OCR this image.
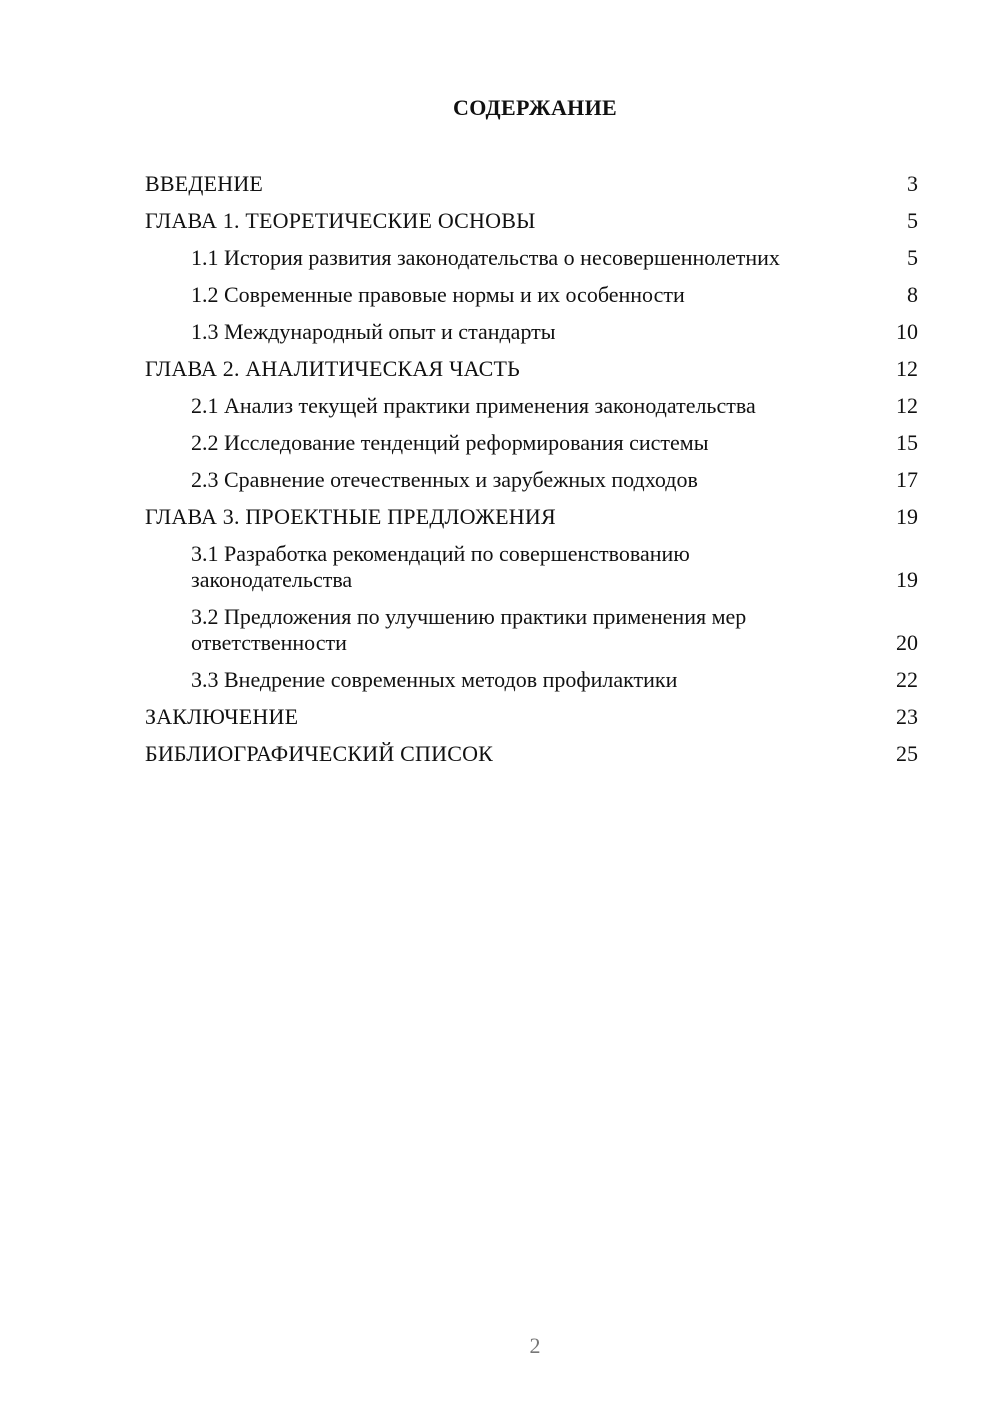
СОДЕРЖАНИЕ
ВВЕДЕНИЕ	3
ГЛАВА 1. ТЕОРЕТИЧЕСКИЕ ОСНОВЫ	5
1.1 История развития законодательства о несовершеннолетних	5
1.2 Современные правовые нормы и их особенности	8
1.3 Международный опыт и стандарты	10
ГЛАВА 2. АНАЛИТИЧЕСКАЯ ЧАСТЬ	12
2.1 Анализ текущей практики применения законодательства	12
2.2 Исследование тенденций реформирования системы	15
2.3 Сравнение отечественных и зарубежных подходов	17
ГЛАВА 3. ПРОЕКТНЫЕ ПРЕДЛОЖЕНИЯ	19
3.1 Разработка рекомендаций по совершенствованию законодательства	19
3.2 Предложения по улучшению практики применения мер ответственности	20
3.3 Внедрение современных методов профилактики	22
ЗАКЛЮЧЕНИЕ	23
БИБЛИОГРАФИЧЕСКИЙ СПИСОК	25
2
